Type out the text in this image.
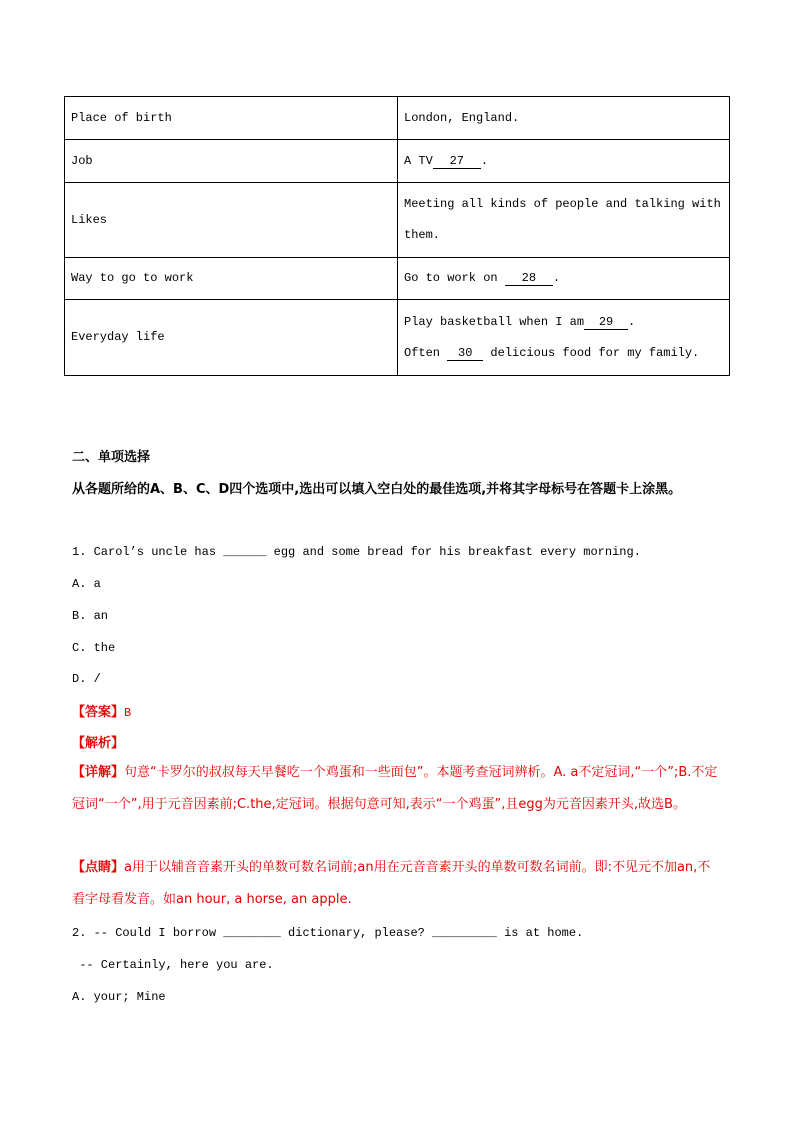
Place of birth	London, England.
Job	A TV 27 .
Likes	Meeting all kinds of people and talking with them.
Way to go to work	Go to work on 28 .
Everyday life	Play basketball when I am 29 .
Often 30 delicious food for my family.
二、单项选择
从各题所给的A、B、C、D四个选项中,选出可以填入空白处的最佳选项,并将其字母标号在答题卡上涂黑。
1. Carol’s uncle has ______ egg and some bread for his breakfast every morning.
A. a
B. an
C. the
D. /
【答案】B
【解析】
【详解】句意“卡罗尔的叔叔每天早餐吃一个鸡蛋和一些面包”。本题考查冠词辨析。A. a不定冠词,“一个”;B.不定冠词“一个”,用于元音因素前;C.the,定冠词。根据句意可知,表示“一个鸡蛋”,且egg为元音因素开头,故选B。
【点睛】a用于以辅音音素开头的单数可数名词前;an用在元音音素开头的单数可数名词前。即:不见元不加an,不看字母看发音。如an hour, a horse, an apple.
2. -- Could I borrow ________ dictionary, please? _________ is at home.
-- Certainly, here you are.
A. your; Mine
